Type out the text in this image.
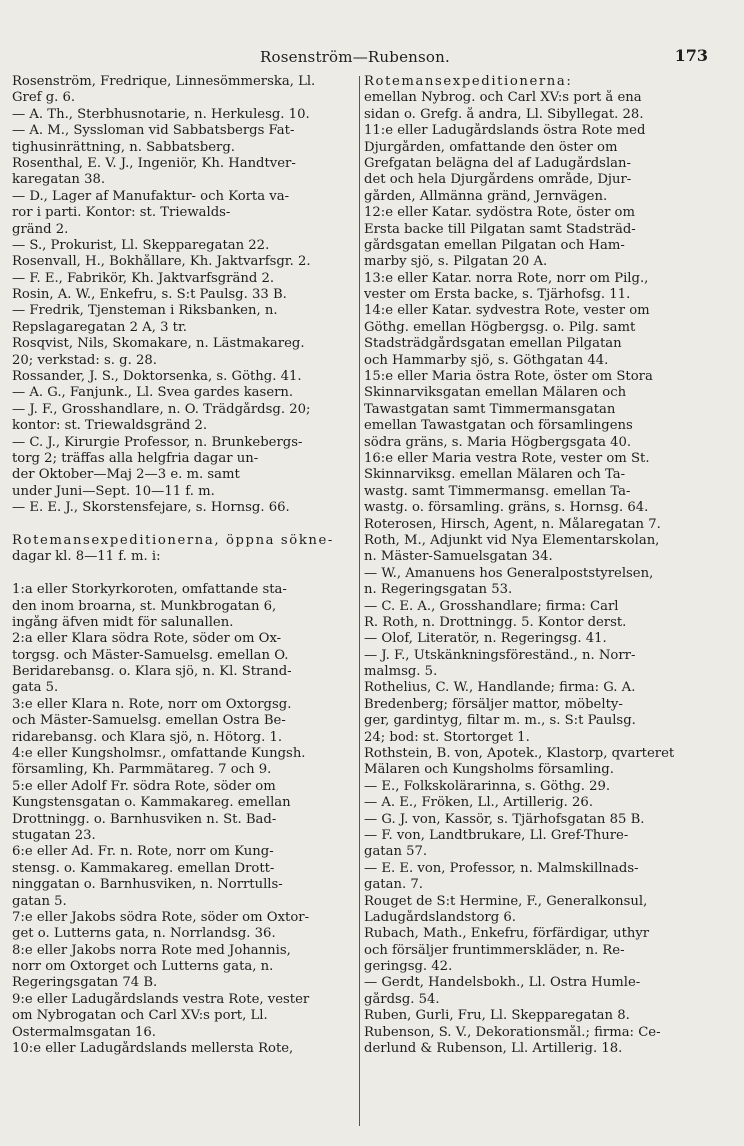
Rosenström—Rubenson.	173
Rosenström, Fredrique, Linnesömmerska, Ll.
Gref g. 6.
— A. Th., Sterbhusnotarie, n. Herkulesg. 10.
— A. M., Syssloman vid Sabbatsbergs Fat-
tighusinrättning, n. Sabbatsberg.
Rosenthal, E. V. J., Ingeniör, Kh. Handtver-
karegatan 38.
— D., Lager af Manufaktur- och Korta va-
ror i parti. Kontor: st. Triewalds-
gränd 2.
— S., Prokurist, Ll. Skepparegatan 22.
Rosenvall, H., Bokhållare, Kh. Jaktvarfsgr. 2.
— F. E., Fabrikör, Kh. Jaktvarfsgränd 2.
Rosin, A. W., Enkefru, s. S:t Paulsg. 33 B.
— Fredrik, Tjensteman i Riksbanken, n.
Repslagaregatan 2 A, 3 tr.
Rosqvist, Nils, Skomakare, n. Lästmakareg.
20; verkstad: s. g. 28.
Rossander, J. S., Doktorsenka, s. Göthg. 41.
— A. G., Fanjunk., Ll. Svea gardes kasern.
— J. F., Grosshandlare, n. Ö. Trädgårdsg. 20;
kontor: st. Triewaldsgränd 2.
— C. J., Kirurgie Professor, n. Brunkebergs-
torg 2; träffas alla helgfria dagar un-
der Oktober—Maj 2—3 e. m. samt
under Juni—Sept. 10—11 f. m.
— E. E. J., Skorstensfejare, s. Hornsg. 66.
Rotemansexpeditionerna, öppna sökne-
dagar kl. 8—11 f. m. i:
1:a eller Storkyrkoroten, omfattande sta-
den inom broarna, st. Munkbrogatan 6,
ingång äfven midt för salunallen.
2:a eller Klara södra Rote, söder om Ox-
torgsg. och Mäster-Samuelsg. emellan Ö.
Beridarebansg. o. Klara sjö, n. Kl. Strand-
gata 5.
3:e eller Klara n. Rote, norr om Oxtorgsg.
och Mäster-Samuelsg. emellan Östra Be-
ridarebansg. och Klara sjö, n. Hötorg. 1.
4:e eller Kungsholmsr., omfattande Kungsh.
församling, Kh. Parmmätareg. 7 och 9.
5:e eller Adolf Fr. södra Rote, söder om
Kungstensgatan o. Kammakareg. emellan
Drottningg. o. Barnhusviken n. St. Bad-
stugatan 23.
6:e eller Ad. Fr. n. Rote, norr om Kung-
stensg. o. Kammakareg. emellan Drott-
ninggatan o. Barnhusviken, n. Norrtulls-
gatan 5.
7:e eller Jakobs södra Rote, söder om Oxtor-
get o. Lutterns gata, n. Norrlandsg. 36.
8:e eller Jakobs norra Rote med Johannis,
norr om Oxtorget och Lutterns gata, n.
Regeringsgatan 74 B.
9:e eller Ladugårdslands vestra Rote, vester
om Nybrogatan och Carl XV:s port, Ll.
Östermalmsgatan 16.
10:e eller Ladugårdslands mellersta Rote,
Rotemansexpeditionerna:
emellan Nybrog. och Carl XV:s port å ena
sidan o. Grefg. å andra, Ll. Sibyllegat. 28.
11:e eller Ladugårdslands östra Rote med
Djurgården, omfattande den öster om
Grefgatan belägna del af Ladugårdslan-
det och hela Djurgårdens område, Djur-
gården, Allmänna gränd, Jernvägen.
12:e eller Katar. sydöstra Rote, öster om
Ersta backe till Pilgatan samt Stadsträd-
gårdsgatan emellan Pilgatan och Ham-
marby sjö, s. Pilgatan 20 A.
13:e eller Katar. norra Rote, norr om Pilg.,
vester om Ersta backe, s. Tjärhofsg. 11.
14:e eller Katar. sydvestra Rote, vester om
Göthg. emellan Högbergsg. o. Pilg. samt
Stadsträdgårdsgatan emellan Pilgatan
och Hammarby sjö, s. Göthgatan 44.
15:e eller Maria östra Rote, öster om Stora
Skinnarviksgatan emellan Mälaren och
Tawastgatan samt Timmermansgatan
emellan Tawastgatan och församlingens
södra gräns, s. Maria Högbergsgata 40.
16:e eller Maria vestra Rote, vester om St.
Skinnarviksg. emellan Mälaren och Ta-
wastg. samt Timmermansg. emellan Ta-
wastg. o. församling. gräns, s. Hornsg. 64.
Roterosen, Hirsch, Agent, n. Målaregatan 7.
Roth, M., Adjunkt vid Nya Elementarskolan,
n. Mäster-Samuelsgatan 34.
— W., Amanuens hos Generalpoststyrelsen,
n. Regeringsgatan 53.
— C. E. A., Grosshandlare; firma: Carl
R. Roth, n. Drottningg. 5. Kontor derst.
— Olof, Literatör, n. Regeringsg. 41.
— J. F., Utskänkningsföreständ., n. Norr-
malmsg. 5.
Rothelius, C. W., Handlande; firma: G. A.
Bredenberg; försäljer mattor, möbelty-
ger, gardintyg, filtar m. m., s. S:t Paulsg.
24; bod: st. Stortorget 1.
Rothstein, B. von, Apotek., Klastorp, qvarteret
Mälaren och Kungsholms församling.
— E., Folkskolärarinna, s. Göthg. 29.
— A. E., Fröken, Ll., Artillerig. 26.
— G. J. von, Kassör, s. Tjärhofsgatan 85 B.
— F. von, Landtbrukare, Ll. Gref-Thure-
gatan 57.
— E. E. von, Professor, n. Malmskillnads-
gatan. 7.
Rouget de S:t Hermine, F., Generalkonsul,
Ladugårdslandstorg 6.
Rubach, Math., Enkefru, förfärdigar, uthyr
och försäljer fruntimmerskläder, n. Re-
geringsg. 42.
— Gerdt, Handelsbokh., Ll. Östra Humle-
gårdsg. 54.
Ruben, Gurli, Fru, Ll. Skepparegatan 8.
Rubenson, S. V., Dekorationsmål.; firma: Ce-
derlund & Rubenson, Ll. Artillerig. 18.
